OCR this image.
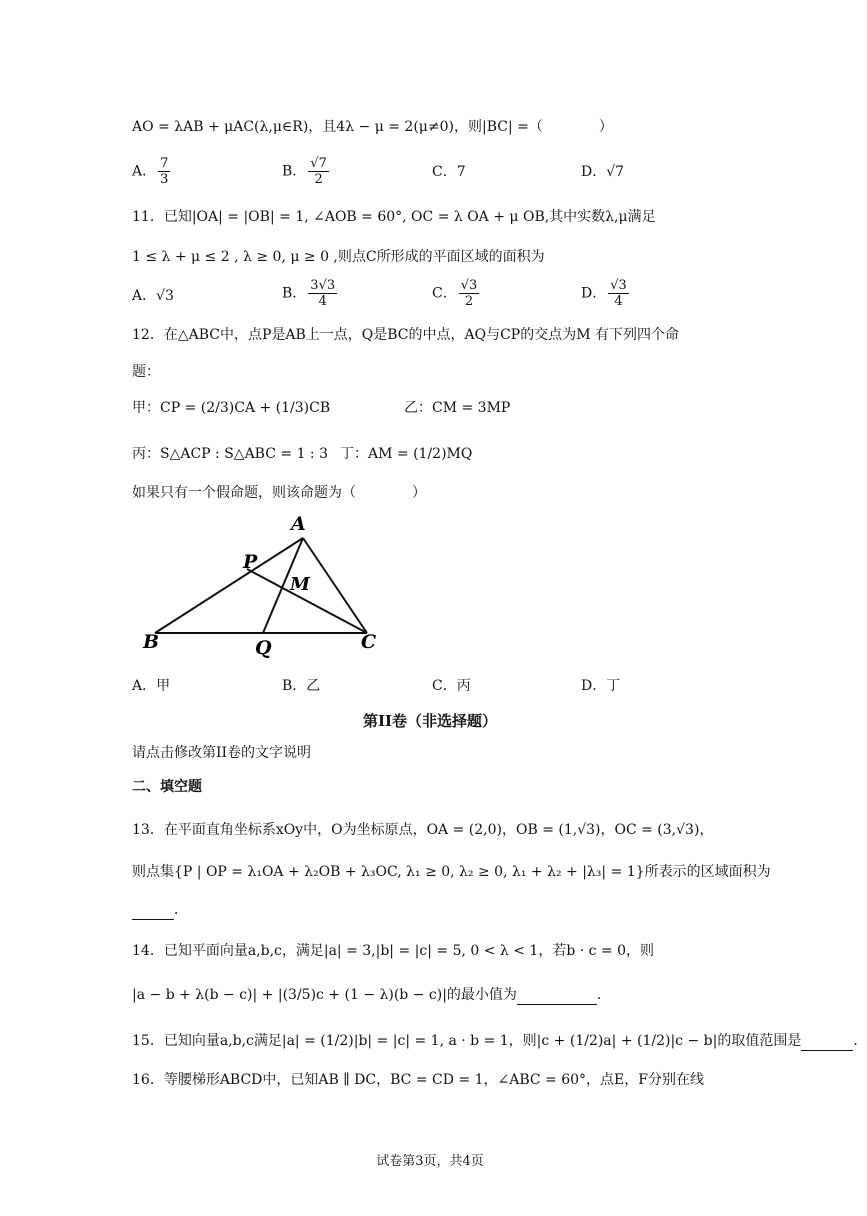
AO = λAB + μAC(λ,μ∈R)，且4λ − μ = 2(μ≠0)，则|BC| =（　　　　）
A． $\frac{7}{3}$	B． $\frac{√7}{2}$	C．7	D．√7
11．已知|OA| = |OB| = 1, ∠AOB = 60°, OC = λ OA + μ OB,其中实数λ,μ满足
1 ≤ λ + μ ≤ 2 , λ ≥ 0, μ ≥ 0 ,则点C所形成的平面区域的面积为
A．√3	B． $\frac{3√3}{4}$	C． $\frac{√3}{2}$	D． $\frac{√3}{4}$
12．在△ABC中，点P是AB上一点，Q是BC的中点，AQ与CP的交点为M 有下列四个命
题：
甲：CP = (2/3)CA + (1/3)CB	乙：CM = 3MP
丙：S△ACP : S△ABC = 1 : 3 丁：AM = (1/2)MQ
如果只有一个假命题，则该命题为（　　　　）
A
P
M
B	Q	C
A．甲	B．乙	C．丙	D．丁
第II卷（非选择题）
请点击修改第II卷的文字说明
二、填空题
13．在平面直角坐标系xOy中，O为坐标原点，OA = (2,0)，OB = (1,√3)，OC = (3,√3)，
则点集{P | OP = λ₁OA + λ₂OB + λ₃OC, λ₁ ≥ 0, λ₂ ≥ 0, λ₁ + λ₂ + |λ₃| = 1}所表示的区域面积为
．
14．已知平面向量a,b,c，满足|a| = 3,|b| = |c| = 5, 0 < λ < 1，若b · c = 0，则
|a − b + λ(b − c)| + |(3/5)c + (1 − λ)(b − c)|的最小值为	．
15．已知向量a,b,c满足|a| = (1/2)|b| = |c| = 1, a · b = 1，则|c + (1/2)a| + (1/2)|c − b|的取值范围是	．
16．等腰梯形ABCD中，已知AB ∥ DC，BC = CD = 1，∠ABC = 60°，点E，F分别在线
试卷第3页，共4页
